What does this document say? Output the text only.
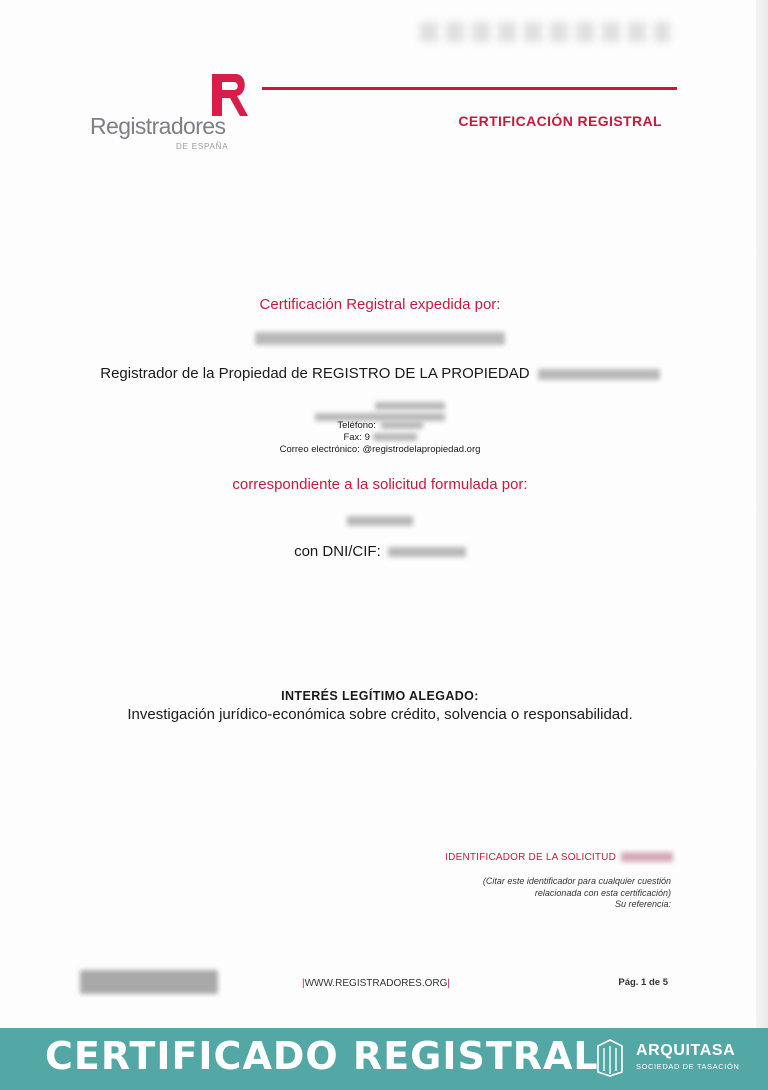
Registradores
DE ESPAÑA
CERTIFICACIÓN REGISTRAL
Certificación Registral expedida por:
Registrador de la Propiedad de REGISTRO DE LA PROPIEDAD
Teléfono:
Fax: 9
Correo electrónico: @registrodelapropiedad.org
correspondiente a la solicitud formulada por:
con DNI/CIF:
INTERÉS LEGÍTIMO ALEGADO:
Investigación jurídico-económica sobre crédito, solvencia o responsabilidad.
IDENTIFICADOR DE LA SOLICITUD
(Citar este identificador para cualquier cuestión
relacionada con esta certificación)
Su referencia:
|WWW.REGISTRADORES.ORG|	Pág. 1 de 5
CERTIFICADO REGISTRAL ARQUITASA
SOCIEDAD DE TASACIÓN
